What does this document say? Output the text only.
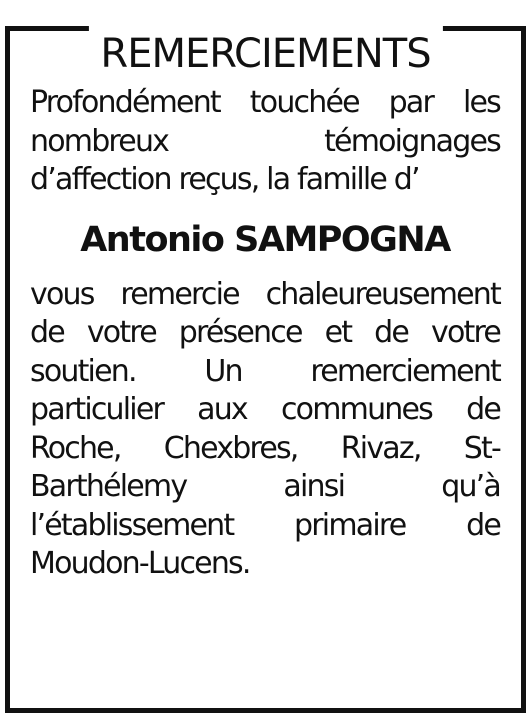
REMERCIEMENTS

Profondément touchée par les nombreux témoignages d’affection reçus, la famille d’

Antonio SAMPOGNA

vous remercie chaleureusement de votre présence et de votre soutien. Un remerciement particulier aux communes de Roche, Chexbres, Rivaz, St-Barthélemy ainsi qu’à l’établissement primaire de Moudon-Lucens.
